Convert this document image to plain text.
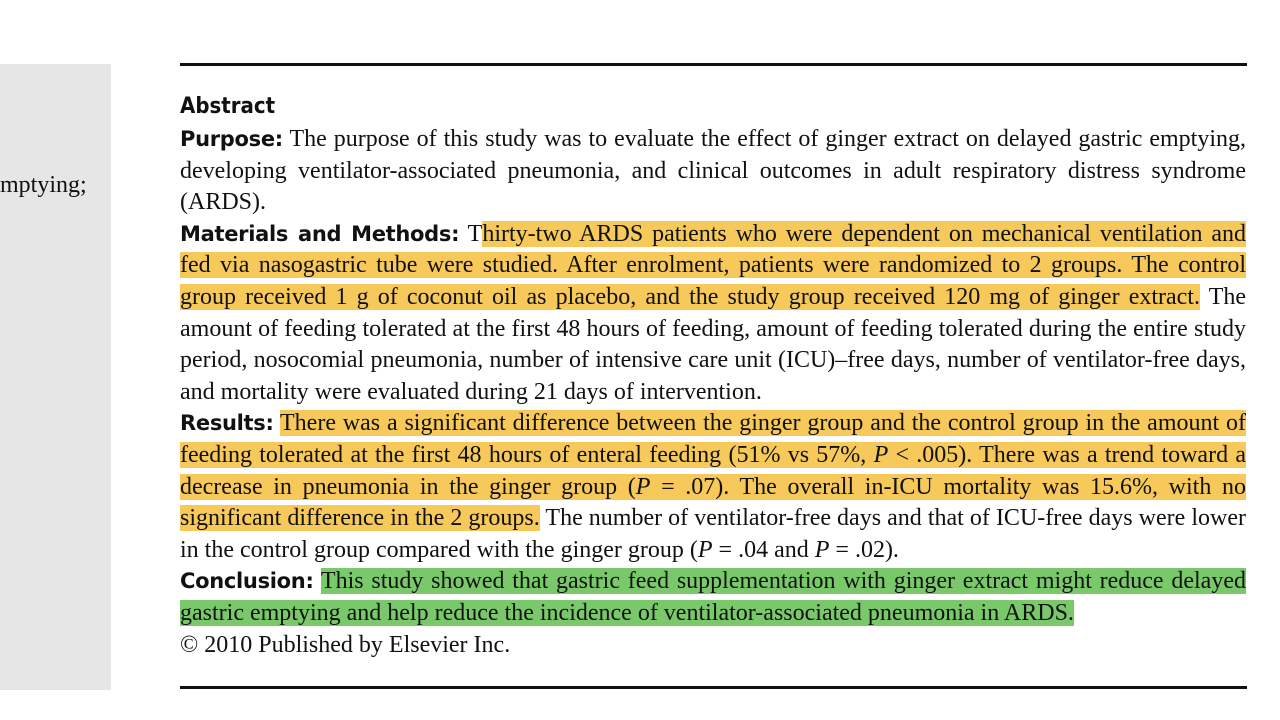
mptying;
Abstract

Purpose: The purpose of this study was to evaluate the effect of ginger extract on delayed gastric emptying, developing ventilator-associated pneumonia, and clinical outcomes in adult respiratory distress syndrome (ARDS).

Materials and Methods: Thirty-two ARDS patients who were dependent on mechanical ventilation and fed via nasogastric tube were studied. After enrolment, patients were randomized to 2 groups. The control group received 1 g of coconut oil as placebo, and the study group received 120 mg of ginger extract. The amount of feeding tolerated at the first 48 hours of feeding, amount of feeding tolerated during the entire study period, nosocomial pneumonia, number of intensive care unit (ICU)–free days, number of ventilator-free days, and mortality were evaluated during 21 days of intervention.

Results: There was a significant difference between the ginger group and the control group in the amount of feeding tolerated at the first 48 hours of enteral feeding (51% vs 57%, P < .005). There was a trend toward a decrease in pneumonia in the ginger group (P = .07). The overall in-ICU mortality was 15.6%, with no significant difference in the 2 groups. The number of ventilator-free days and that of ICU-free days were lower in the control group compared with the ginger group (P = .04 and P = .02).

Conclusion: This study showed that gastric feed supplementation with ginger extract might reduce delayed gastric emptying and help reduce the incidence of ventilator-associated pneumonia in ARDS.

© 2010 Published by Elsevier Inc.
